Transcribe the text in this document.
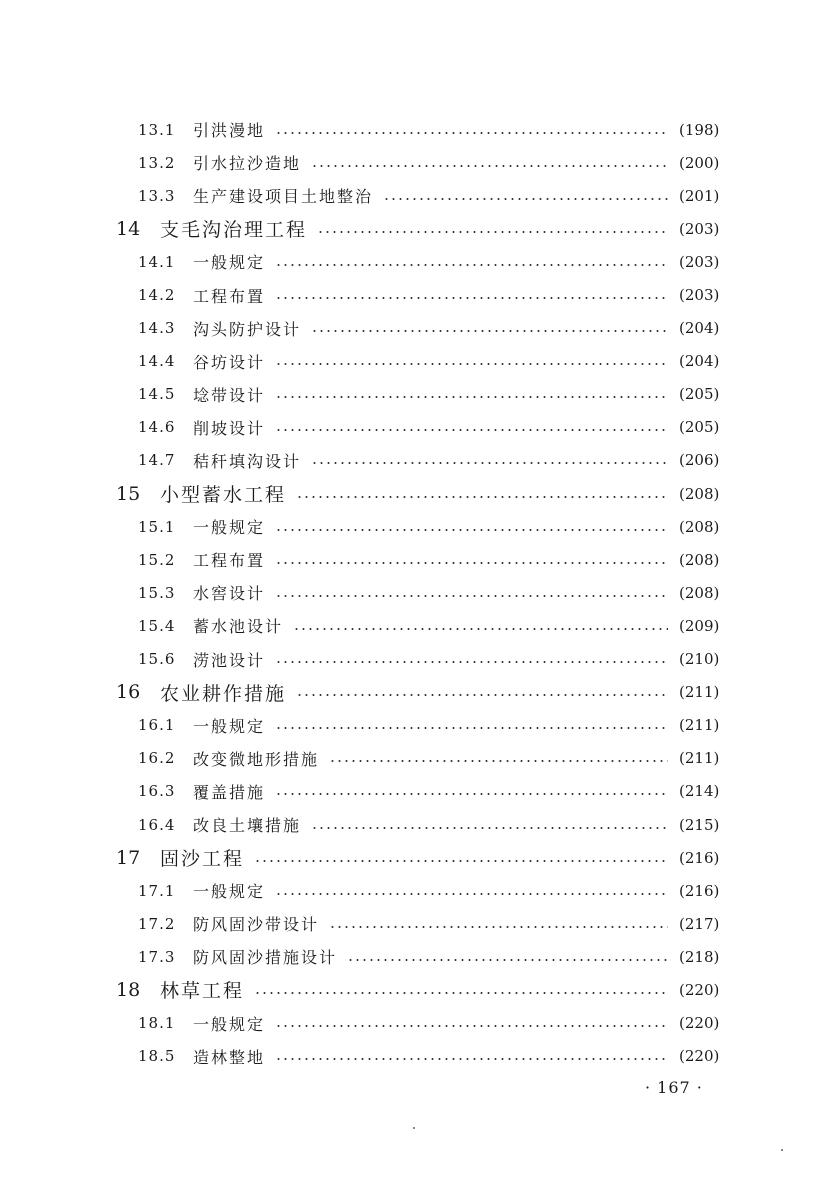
13.1 引洪漫地	(198)
13.2 引水拉沙造地	(200)
13.3 生产建设项目土地整治	(201)
14 支毛沟治理工程	(203)
14.1 一般规定	(203)
14.2 工程布置	(203)
14.3 沟头防护设计	(204)
14.4 谷坊设计	(204)
14.5 埝带设计	(205)
14.6 削坡设计	(205)
14.7 秸秆填沟设计	(206)
15 小型蓄水工程	(208)
15.1 一般规定	(208)
15.2 工程布置	(208)
15.3 水窖设计	(208)
15.4 蓄水池设计	(209)
15.6 涝池设计	(210)
16 农业耕作措施	(211)
16.1 一般规定	(211)
16.2 改变微地形措施	(211)
16.3 覆盖措施	(214)
16.4 改良土壤措施	(215)
17 固沙工程	(216)
17.1 一般规定	(216)
17.2 防风固沙带设计	(217)
17.3 防风固沙措施设计	(218)
18 林草工程	(220)
18.1 一般规定	(220)
18.5 造林整地	(220)
· 167 ·
